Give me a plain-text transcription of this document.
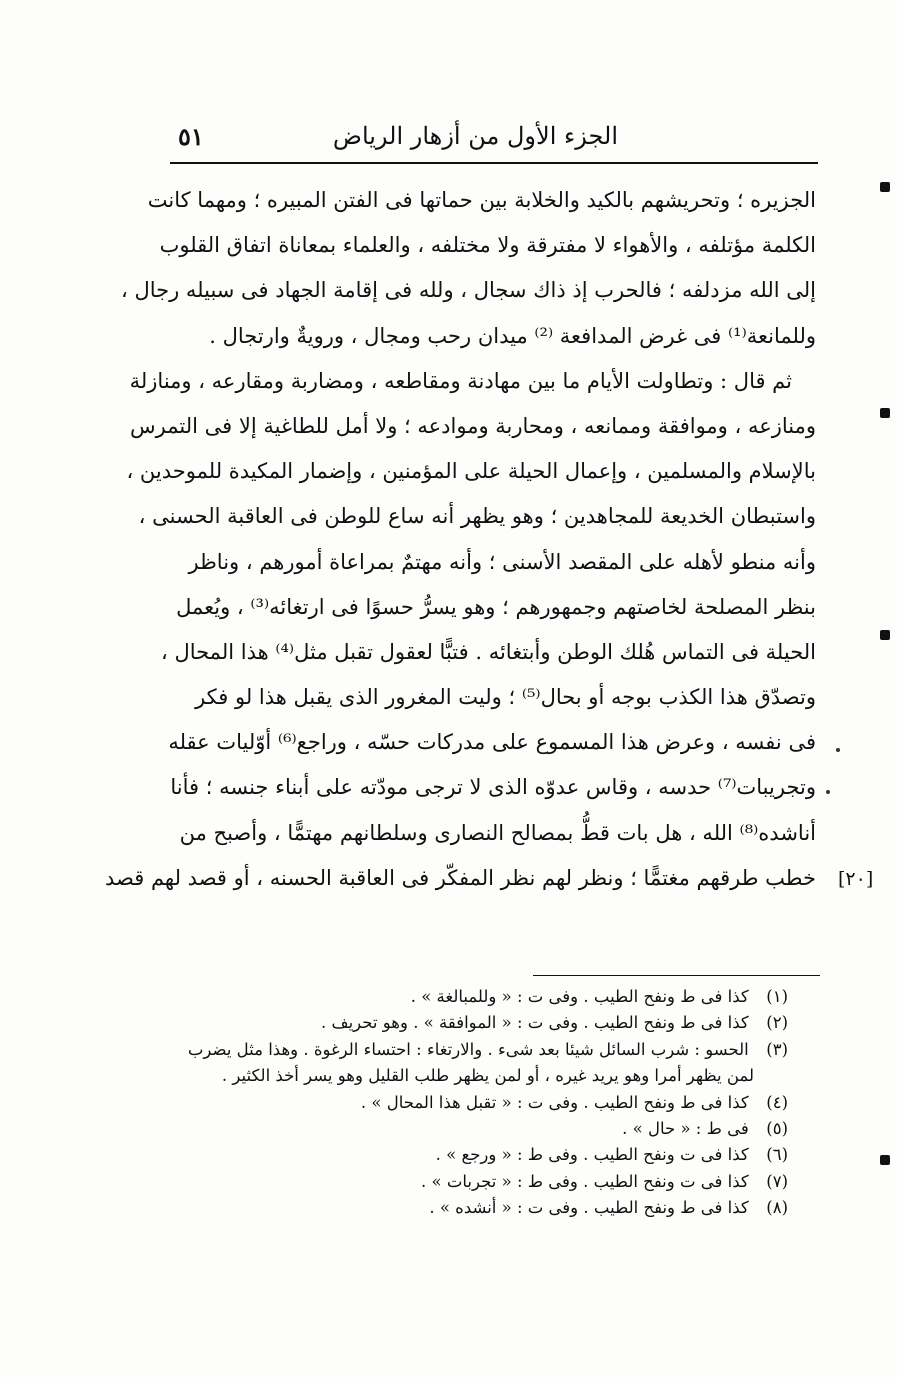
الجزء الأول من أزهار الرياض
٥١
الجزيره ؛ وتحريشهم بالكيد والخلابة بين حماتها فى الفتن المبيره ؛ ومهما كانت
الكلمة مؤتلفه ، والأهواء لا مفترقة ولا مختلفه ، والعلماء بمعاناة اتفاق القلوب
إلى الله مزدلفه ؛ فالحرب إذ ذاك سجال ، ولله فى إقامة الجهاد فى سبيله رجال ،
وللمانعة⁽¹⁾ فى غرض المدافعة ⁽²⁾ ميدان رحب ومجال ، ورويةٌ وارتجال .
ثم قال : وتطاولت الأيام ما بين مهادنة ومقاطعه ، ومضاربة ومقارعه ، ومنازلة
ومنازعه ، وموافقة وممانعه ، ومحاربة وموادعه ؛ ولا أمل للطاغية إلا فى التمرس
بالإسلام والمسلمين ، وإعمال الحيلة على المؤمنين ، وإضمار المكيدة للموحدين ،
واستبطان الخديعة للمجاهدين ؛ وهو يظهر أنه ساع للوطن فى العاقبة الحسنى ،
وأنه منطو لأهله على المقصد الأسنى ؛ وأنه مهتمٌ بمراعاة أمورهم ، وناظر
بنظر المصلحة لخاصتهم وجمهورهم ؛ وهو يسرُّ حسوًا فى ارتغائه⁽³⁾ ، ويُعمل
الحيلة فى التماس هُلك الوطن وأبتغائه . فتبًّا لعقول تقبل مثل⁽⁴⁾ هذا المحال ،
وتصدّق هذا الكذب بوجه أو بحال⁽⁵⁾ ؛ وليت المغرور الذى يقبل هذا لو فكر
فى نفسه ، وعرض هذا المسموع على مدركات حسّه ، وراجع⁽⁶⁾ أوّليات عقله
وتجريبات⁽⁷⁾ حدسه ، وقاس عدوّه الذى لا ترجى مودّته على أبناء جنسه ؛ فأنا
أناشده⁽⁸⁾ الله ، هل بات قطُّ بمصالح النصارى وسلطانهم مهتمًّا ، وأصبح من
خطب طرقهم مغتمًّا ؛ ونظر لهم نظر المفكّر فى العاقبة الحسنه ، أو قصد لهم قصد [٢٠]
(١) كذا فى ط ونفح الطيب . وفى ت : « وللمبالغة » .
(٢) كذا فى ط ونفح الطيب . وفى ت : « الموافقة » . وهو تحريف .
(٣) الحسو : شرب السائل شيئا بعد شىء . والارتغاء : احتساء الرغوة . وهذا مثل يضرب
لمن يظهر أمرا وهو يريد غيره ، أو لمن يظهر طلب القليل وهو يسر أخذ الكثير .
(٤) كذا فى ط ونفح الطيب . وفى ت : « تقبل هذا المحال » .
(٥) فى ط : « حال » .
(٦) كذا فى ت ونفح الطيب . وفى ط : « ورجع » .
(٧) كذا فى ت ونفح الطيب . وفى ط : « تجربات » .
(٨) كذا فى ط ونفح الطيب . وفى ت : « أنشده » .
